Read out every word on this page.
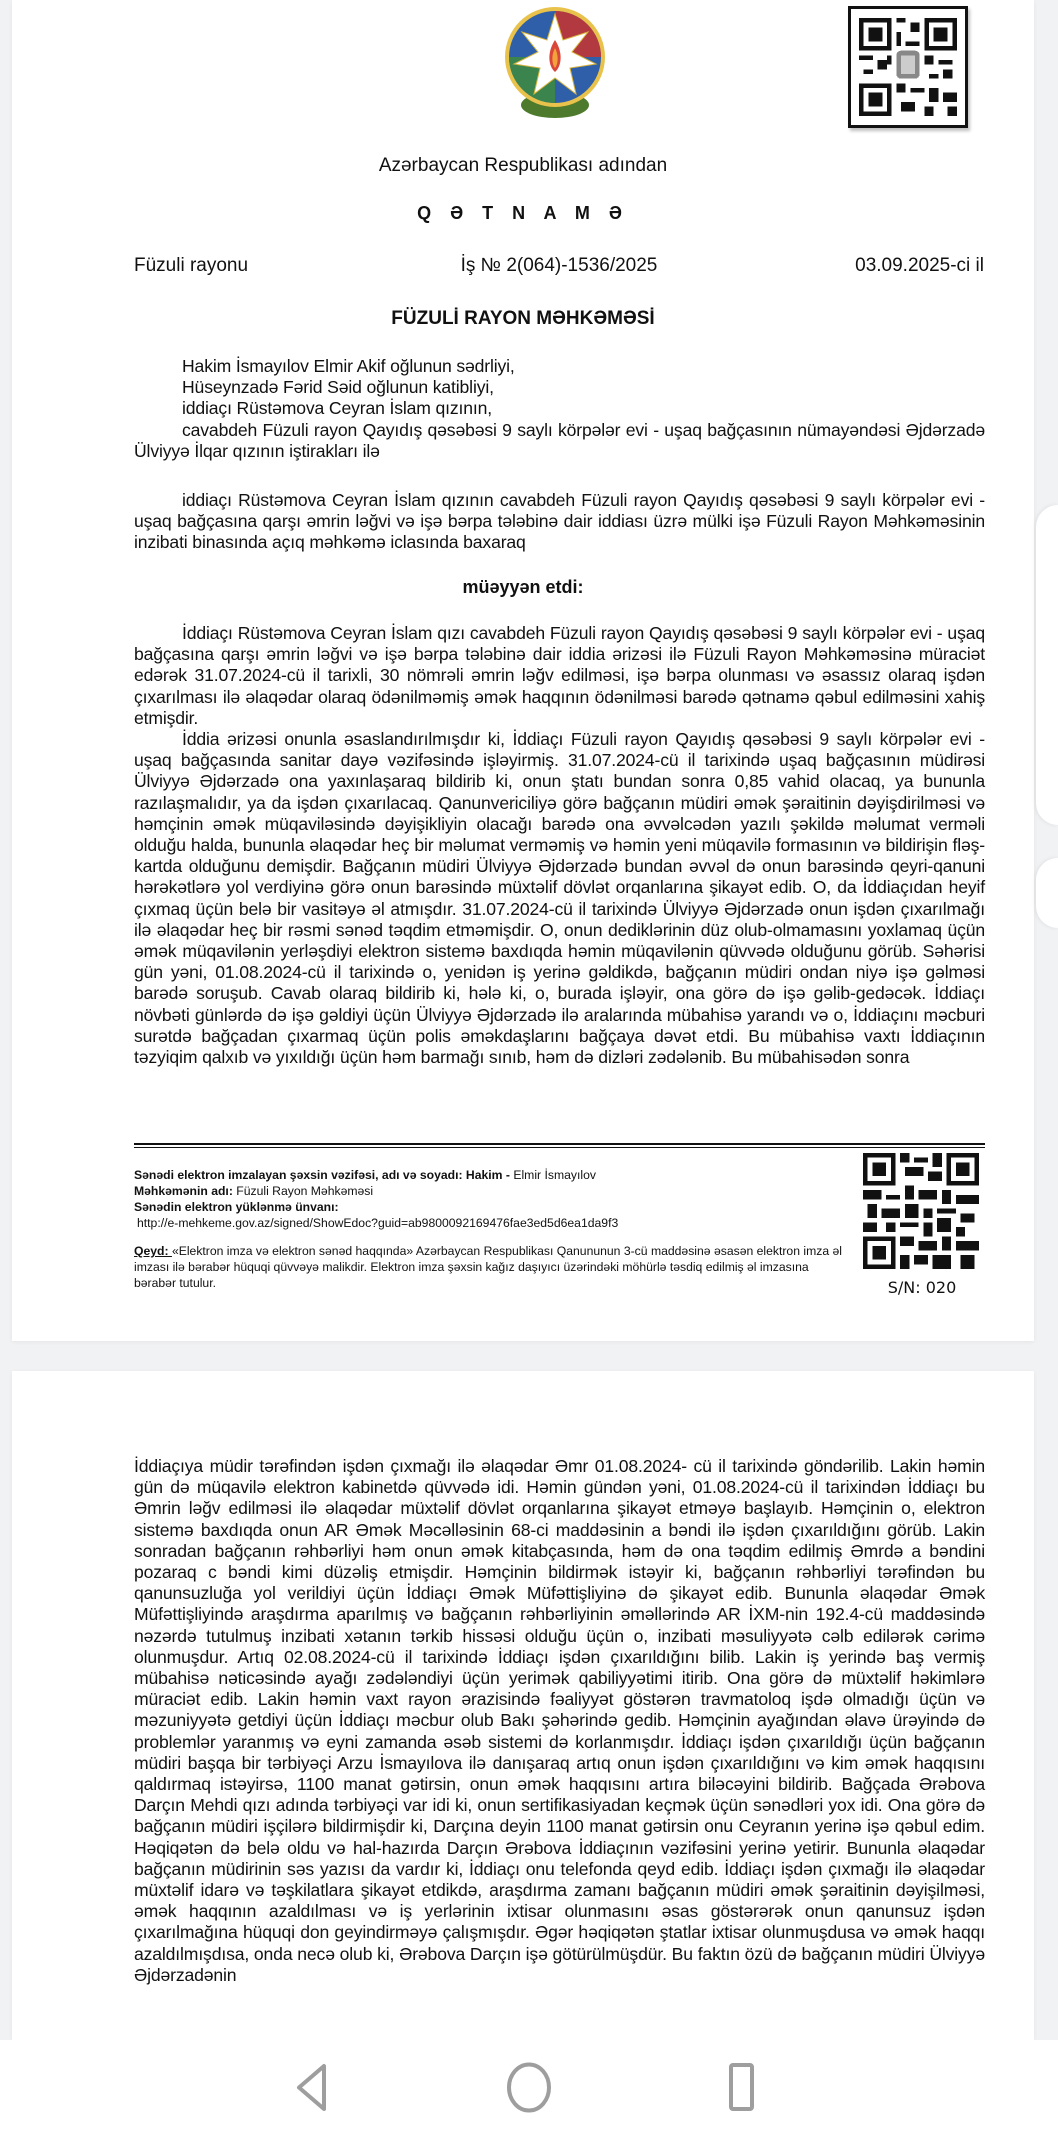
Azərbaycan Respublikası adından
Q Ə T N A M Ə
Füzuli rayonu	İş № 2(064)-1536/2025	03.09.2025-ci il
FÜZULİ RAYON MƏHKƏMƏSİ

Hakim İsmayılov Elmir Akif oğlunun sədrliyi,

Hüseynzadə Fərid Səid oğlunun katibliyi,

iddiaçı Rüstəmova Ceyran İslam qızının,

cavabdeh Füzuli rayon Qayıdış qəsəbəsi 9 saylı körpələr evi - uşaq bağçasının nümayəndəsi Əjdərzadə Ülviyyə İlqar qızının iştirakları ilə

iddiaçı Rüstəmova Ceyran İslam qızının cavabdeh Füzuli rayon Qayıdış qəsəbəsi 9 saylı körpələr evi - uşaq bağçasına qarşı əmrin ləğvi və işə bərpa tələbinə dair iddiası üzrə mülki işə Füzuli Rayon Məhkəməsinin inzibati binasında açıq məhkəmə iclasında baxaraq

müəyyən etdi:

İddiaçı Rüstəmova Ceyran İslam qızı cavabdeh Füzuli rayon Qayıdış qəsəbəsi 9 saylı körpələr evi - uşaq bağçasına qarşı əmrin ləğvi və işə bərpa tələbinə dair iddia ərizəsi ilə Füzuli Rayon Məhkəməsinə müraciət edərək 31.07.2024-cü il tarixli, 30 nömrəli əmrin ləğv edilməsi, işə bərpa olunması və əsassız olaraq işdən çıxarılması ilə əlaqədar olaraq ödənilməmiş əmək haqqının ödənilməsi barədə qətnamə qəbul edilməsini xahiş etmişdir.

İddia ərizəsi onunla əsaslandırılmışdır ki, İddiaçı Füzuli rayon Qayıdış qəsəbəsi 9 saylı körpələr evi - uşaq bağçasında sanitar dayə vəzifəsində işləyirmiş. 31.07.2024-cü il tarixində uşaq bağçasının müdirəsi Ülviyyə Əjdərzadə ona yaxınlaşaraq bildirib ki, onun ştatı bundan sonra 0,85 vahid olacaq, ya bununla razılaşmalıdır, ya da işdən çıxarılacaq. Qanunvericiliyə görə bağçanın müdiri əmək şəraitinin dəyişdirilməsi və həmçinin əmək müqaviləsində dəyişikliyin olacağı barədə ona əvvəlcədən yazılı şəkildə məlumat verməli olduğu halda, bununla əlaqədar heç bir məlumat verməmiş və həmin yeni müqavilə formasının və bildirişin fləş-kartda olduğunu demişdir. Bağçanın müdiri Ülviyyə Əjdərzadə bundan əvvəl də onun barəsində qeyri-qanuni hərəkətlərə yol verdiyinə görə onun barəsində müxtəlif dövlət orqanlarına şikayət edib. O, da İddiaçıdan heyif çıxmaq üçün belə bir vasitəyə əl atmışdır. 31.07.2024-cü il tarixində Ülviyyə Əjdərzadə onun işdən çıxarılmağı ilə əlaqədar heç bir rəsmi sənəd təqdim etməmişdir. O, onun dediklərinin düz olub-olmamasını yoxlamaq üçün əmək müqavilənin yerləşdiyi elektron sistemə baxdıqda həmin müqavilənin qüvvədə olduğunu görüb. Səhərisi gün yəni, 01.08.2024-cü il tarixində o, yenidən iş yerinə gəldikdə, bağçanın müdiri ondan niyə işə gəlməsi barədə soruşub. Cavab olaraq bildirib ki, hələ ki, o, burada işləyir, ona görə də işə gəlib-gedəcək. İddiaçı növbəti günlərdə də işə gəldiyi üçün Ülviyyə Əjdərzadə ilə aralarında mübahisə yarandı və o, İddiaçını məcburi surətdə bağçadan çıxarmaq üçün polis əməkdaşlarını bağçaya dəvət etdi. Bu mübahisə vaxtı İddiaçının təzyiqim qalxıb və yıxıldığı üçün həm barmağı sınıb, həm də dizləri zədələnib. Bu mübahisədən sonra

Sənədi elektron imzalayan şəxsin vəzifəsi, adı və soyadı: Hakim - Elmir İsmayılov
Məhkəmənin adı: Füzuli Rayon Məhkəməsi
Sənədin elektron yüklənmə ünvanı:
http://e-mehkeme.gov.az/signed/ShowEdoc?guid=ab9800092169476fae3ed5d6ea1da9f3
Qeyd: «Elektron imza və elektron sənəd haqqında» Azərbaycan Respublikası Qanununun 3-cü maddəsinə əsasən elektron imza əl imzası ilə bərabər hüquqi qüvvəyə malikdir. Elektron imza şəxsin kağız daşıyıcı üzərindəki möhürlə təsdiq edilmiş əl imzasına bərabər tutulur.	S/N: 020

İddiaçıya müdir tərəfindən işdən çıxmağı ilə əlaqədar Əmr 01.08.2024- cü il tarixində göndərilib. Lakin həmin gün də müqavilə elektron kabinetdə qüvvədə idi. Həmin gündən yəni, 01.08.2024-cü il tarixindən İddiaçı bu Əmrin ləğv edilməsi ilə əlaqədar müxtəlif dövlət orqanlarına şikayət etməyə başlayıb. Həmçinin o, elektron sistemə baxdıqda onun AR Əmək Məcəlləsinin 68-ci maddəsinin a bəndi ilə işdən çıxarıldığını görüb. Lakin sonradan bağçanın rəhbərliyi həm onun əmək kitabçasında, həm də ona təqdim edilmiş Əmrdə a bəndini pozaraq c bəndi kimi düzəliş etmişdir. Həmçinin bildirmək istəyir ki, bağçanın rəhbərliyi tərəfindən bu qanunsuzluğa yol verildiyi üçün İddiaçı Əmək Müfəttişliyinə də şikayət edib. Bununla əlaqədar Əmək Müfəttişliyində araşdırma aparılmış və bağçanın rəhbərliyinin əməllərində AR İXM-nin 192.4-cü maddəsində nəzərdə tutulmuş inzibati xətanın tərkib hissəsi olduğu üçün o, inzibati məsuliyyətə cəlb edilərək cərimə olunmuşdur. Artıq 02.08.2024-cü il tarixində İddiaçı işdən çıxarıldığını bilib. Lakin iş yerində baş vermiş mübahisə nəticəsində ayağı zədələndiyi üçün yerimək qabiliyyətimi itirib. Ona görə də müxtəlif həkimlərə müraciət edib. Lakin həmin vaxt rayon ərazisində fəaliyyət göstərən travmatoloq işdə olmadığı üçün və məzuniyyətə getdiyi üçün İddiaçı məcbur olub Bakı şəhərində gedib. Həmçinin ayağından əlavə ürəyində də problemlər yaranmış və eyni zamanda əsəb sistemi də korlanmışdır. İddiaçı işdən çıxarıldığı üçün bağçanın müdiri başqa bir tərbiyəçi Arzu İsmayılova ilə danışaraq artıq onun işdən çıxarıldığını və kim əmək haqqısını qaldırmaq istəyirsə, 1100 manat gətirsin, onun əmək haqqısını artıra biləcəyini bildirib. Bağçada Ərəbova Darçın Mehdi qızı adında tərbiyəçi var idi ki, onun sertifikasiyadan keçmək üçün sənədləri yox idi. Ona görə də bağçanın müdiri işçilərə bildirmişdir ki, Darçına deyin 1100 manat gətirsin onu Ceyranın yerinə işə qəbul edim. Həqiqətən də belə oldu və hal-hazırda Darçın Ərəbova İddiaçının vəzifəsini yerinə yetirir. Bununla əlaqədar bağçanın müdirinin səs yazısı da vardır ki, İddiaçı onu telefonda qeyd edib. İddiaçı işdən çıxmağı ilə əlaqədar müxtəlif idarə və təşkilatlara şikayət etdikdə, araşdırma zamanı bağçanın müdiri əmək şəraitinin dəyişilməsi, əmək haqqının azaldılması və iş yerlərinin ixtisar olunmasını əsas göstərərək onun qanunsuz işdən çıxarılmağına hüquqi don geyindirməyə çalışmışdır. Əgər həqiqətən ştatlar ixtisar olunmuşdusa və əmək haqqı azaldılmışdısa, onda necə olub ki, Ərəbova Darçın işə götürülmüşdür. Bu faktın özü də bağçanın müdiri Ülviyyə Əjdərzadənin
